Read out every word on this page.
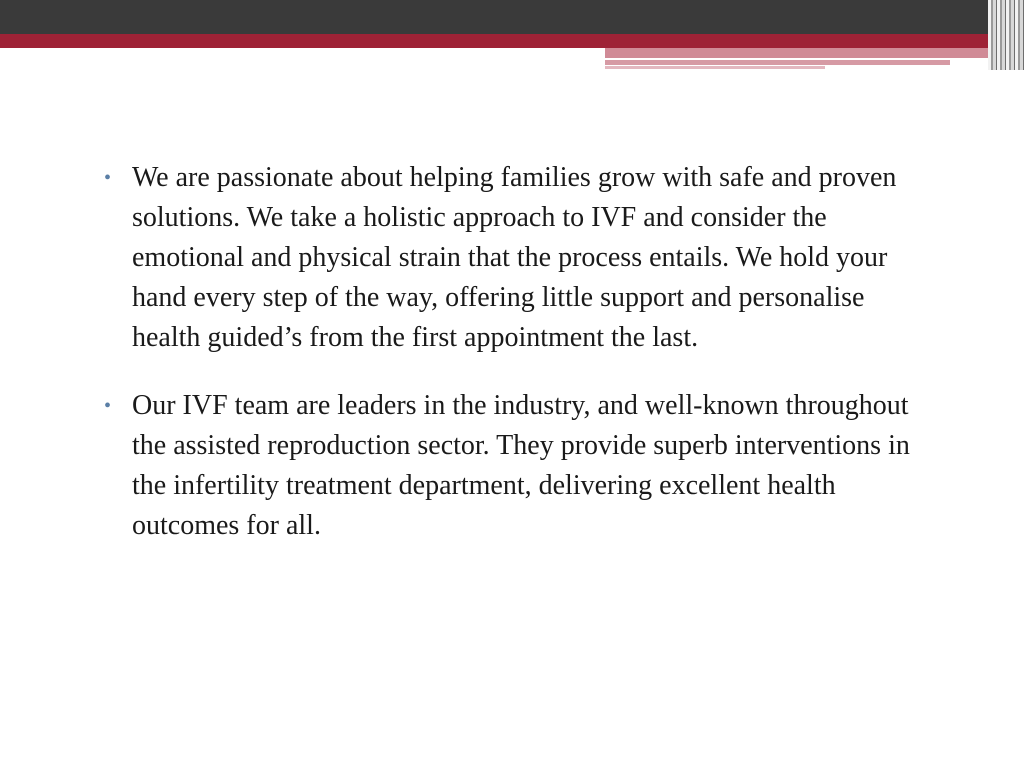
• We are passionate about helping families grow with safe and proven solutions. We take a holistic approach to IVF and consider the emotional and physical strain that the process entails. We hold your hand every step of the way, offering little support and personalise health guided’s from the first appointment the last.
• Our IVF team are leaders in the industry, and well-known throughout the assisted reproduction sector. They provide superb interventions in the infertility treatment department, delivering excellent health outcomes for all.
